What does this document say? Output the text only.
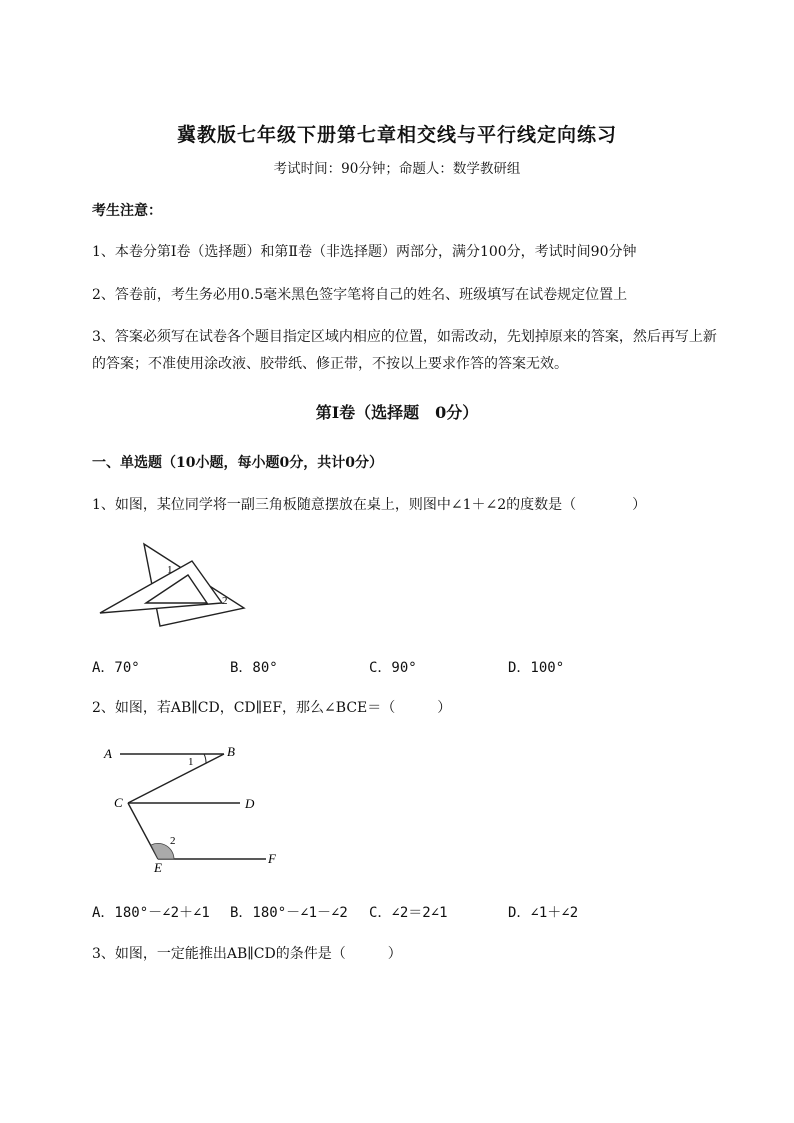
冀教版七年级下册第七章相交线与平行线定向练习
考试时间：90分钟；命题人：数学教研组
考生注意：
1、本卷分第Ⅰ卷（选择题）和第Ⅱ卷（非选择题）两部分，满分100分，考试时间90分钟
2、答卷前，考生务必用0.5毫米黑色签字笔将自己的姓名、班级填写在试卷规定位置上
3、答案必须写在试卷各个题目指定区域内相应的位置，如需改动，先划掉原来的答案，然后再写上新
的答案；不准使用涂改液、胶带纸、修正带，不按以上要求作答的答案无效。
第Ⅰ卷（选择题　0分）
一、单选题（10小题，每小题0分，共计0分）
1、如图，某位同学将一副三角板随意摆放在桌上，则图中∠1＋∠2的度数是（　　　　）
1
2
A．70°	B．80°	C．90°	D．100°
2、如图，若AB∥CD，CD∥EF，那么∠BCE＝（　　　）
A	B
C	D
E
F
1
2
A．180°－∠2＋∠1 B．180°－∠1－∠2 C．∠2＝2∠1	D．∠1＋∠2
3、如图，一定能推出AB∥CD的条件是（　　　）
